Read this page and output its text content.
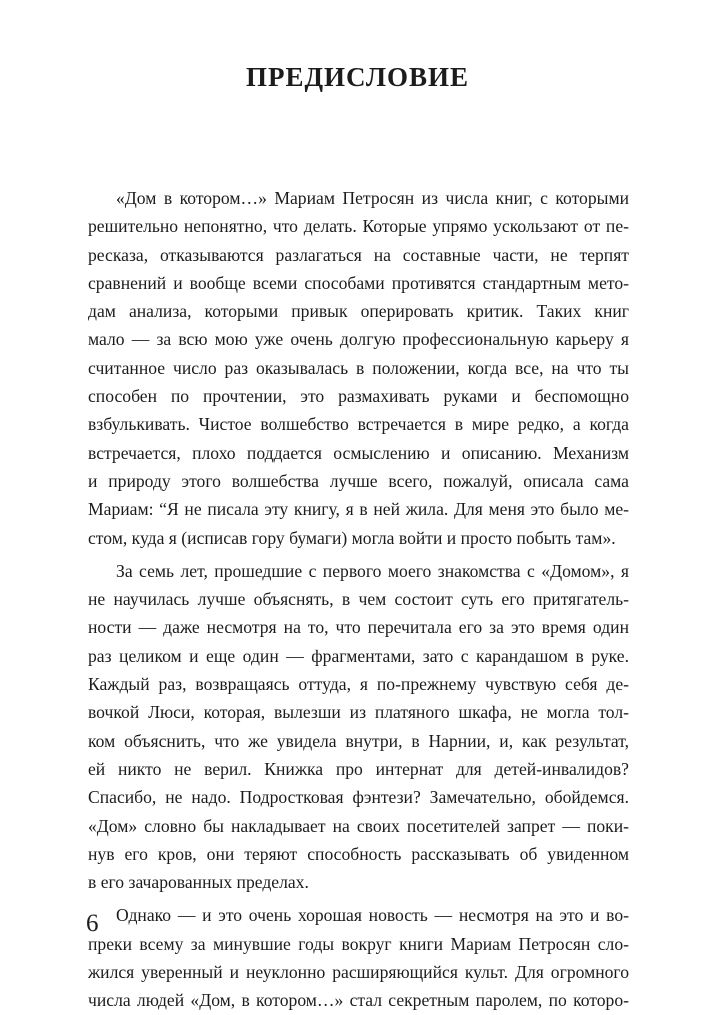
ПРЕДИСЛОВИЕ
«Дом в котором…» Мариам Петросян из числа книг, с которыми
решительно непонятно, что делать. Которые упрямо ускользают от пе-
ресказа, отказываются разлагаться на составные части, не терпят
сравнений и вообще всеми способами противятся стандартным мето-
дам анализа, которыми привык оперировать критик. Таких книг
мало — за всю мою уже очень долгую профессиональную карьеру я
считанное число раз оказывалась в положении, когда все, на что ты
способен по прочтении, это размахивать руками и беспомощно
взбулькивать. Чистое волшебство встречается в мире редко, а когда
встречается, плохо поддается осмыслению и описанию. Механизм
и природу этого волшебства лучше всего, пожалуй, описала сама
Мариам: “Я не писала эту книгу, я в ней жила. Для меня это было ме-
стом, куда я (исписав гору бумаги) могла войти и просто побыть там».
За семь лет, прошедшие с первого моего знакомства с «Домом», я
не научилась лучше объяснять, в чем состоит суть его притягатель-
ности — даже несмотря на то, что перечитала его за это время один
раз целиком и еще один — фрагментами, зато с карандашом в руке.
Каждый раз, возвращаясь оттуда, я по-прежнему чувствую себя де-
вочкой Люси, которая, вылезши из платяного шкафа, не могла тол-
ком объяснить, что же увидела внутри, в Нарнии, и, как результат,
ей никто не верил. Книжка про интернат для детей-инвалидов?
Спасибо, не надо. Подростковая фэнтези? Замечательно, обойдемся.
«Дом» словно бы накладывает на своих посетителей запрет — поки-
нув его кров, они теряют способность рассказывать об увиденном
в его зачарованных пределах.
Однако — и это очень хорошая новость — несмотря на это и во-
преки всему за минувшие годы вокруг книги Мариам Петросян сло-
жился уверенный и неуклонно расширяющийся культ. Для огромного
числа людей «Дом, в котором…» стал секретным паролем, по которо-
6
